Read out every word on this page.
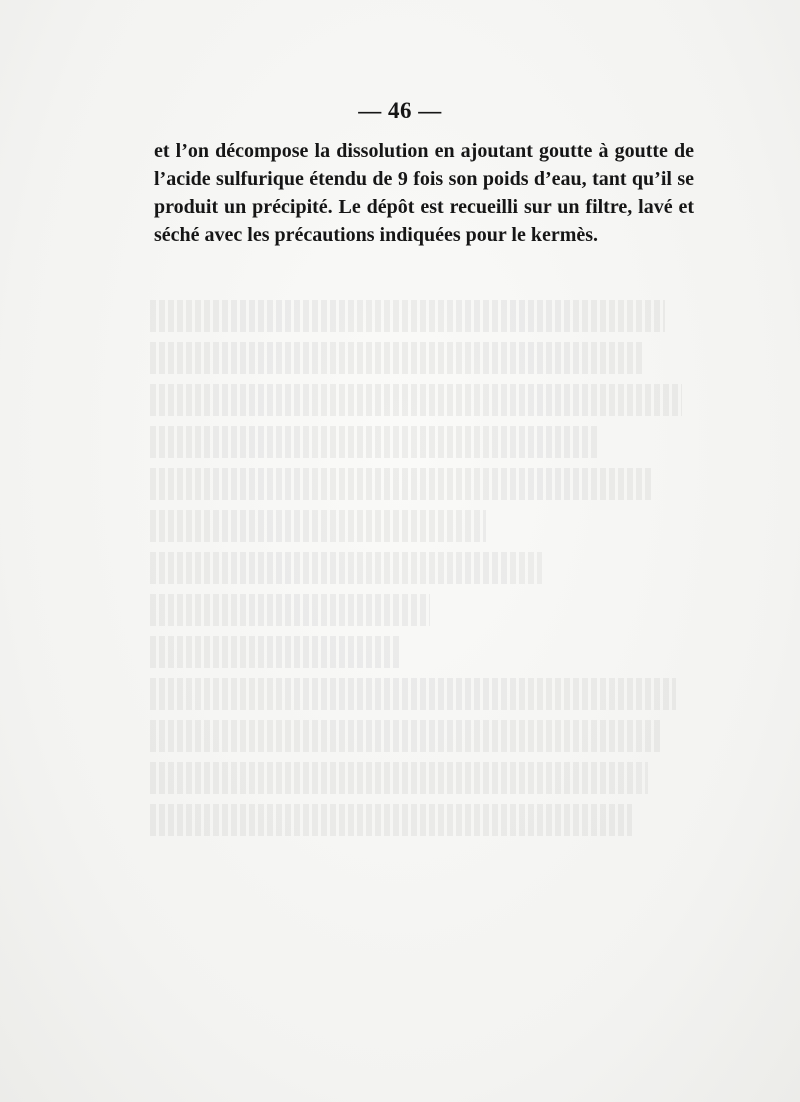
— 46 —
et l’on décompose la dissolution en ajoutant goutte à goutte de
l’acide sulfurique étendu de 9 fois son poids d’eau, tant qu’il se
produit un précipité. Le dépôt est recueilli sur un filtre, lavé et
séché avec les précautions indiquées pour le kermès.
